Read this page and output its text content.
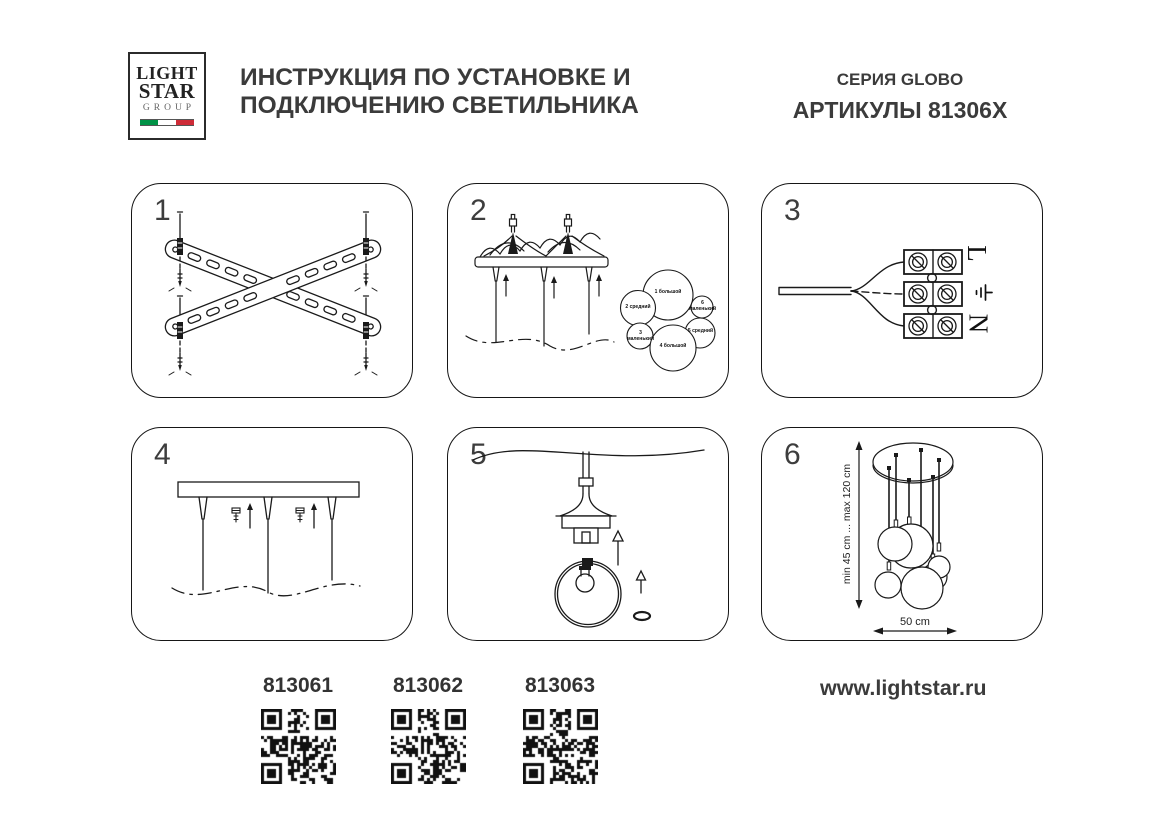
LIGHT
STAR
GROUP
ИНСТРУКЦИЯ ПО УСТАНОВКЕ И
ПОДКЛЮЧЕНИЮ СВЕТИЛЬНИКА
СЕРИЯ GLOBO
АРТИКУЛЫ 81306X
1	2
1 большой
2 средний
3 маленький
4 большой
5 средний
6 маленький
3
L
N
4	5	6
min 45 cm ... max 120 cm
50 cm
813061	813062	813063	www.lightstar.ru
